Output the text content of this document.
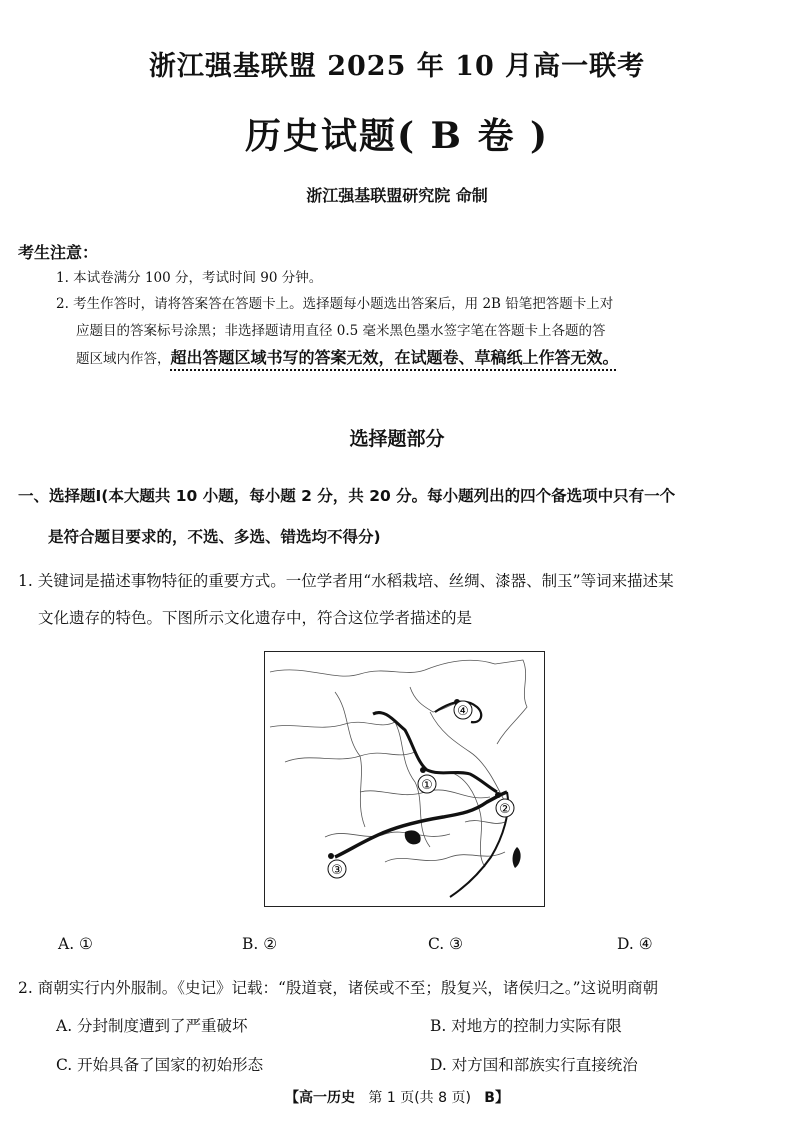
浙江强基联盟 2025 年 10 月高一联考
历史试题( B 卷 )
浙江强基联盟研究院 命制
考生注意：
1. 本试卷满分 100 分，考试时间 90 分钟。
2. 考生作答时，请将答案答在答题卡上。选择题每小题选出答案后，用 2B 铅笔把答题卡上对
应题目的答案标号涂黑；非选择题请用直径 0.5 毫米黑色墨水签字笔在答题卡上各题的答
题区域内作答，超出答题区域书写的答案无效，在试题卷、草稿纸上作答无效。
选择题部分
一、选择题Ⅰ(本大题共 10 小题，每小题 2 分，共 20 分。每小题列出的四个备选项中只有一个
是符合题目要求的，不选、多选、错选均不得分)
1. 关键词是描述事物特征的重要方式。一位学者用“水稻栽培、丝绸、漆器、制玉”等词来描述某
文化遗存的特色。下图所示文化遗存中，符合这位学者描述的是
①
②
③
④
A. ①	B. ②	C. ③	D. ④
2. 商朝实行内外服制。《史记》记载：“殷道衰，诸侯或不至；殷复兴，诸侯归之。”这说明商朝
A. 分封制度遭到了严重破坏	B. 对地方的控制力实际有限
C. 开始具备了国家的初始形态	D. 对方国和部族实行直接统治
【高一历史 第 1 页(共 8 页) B】
